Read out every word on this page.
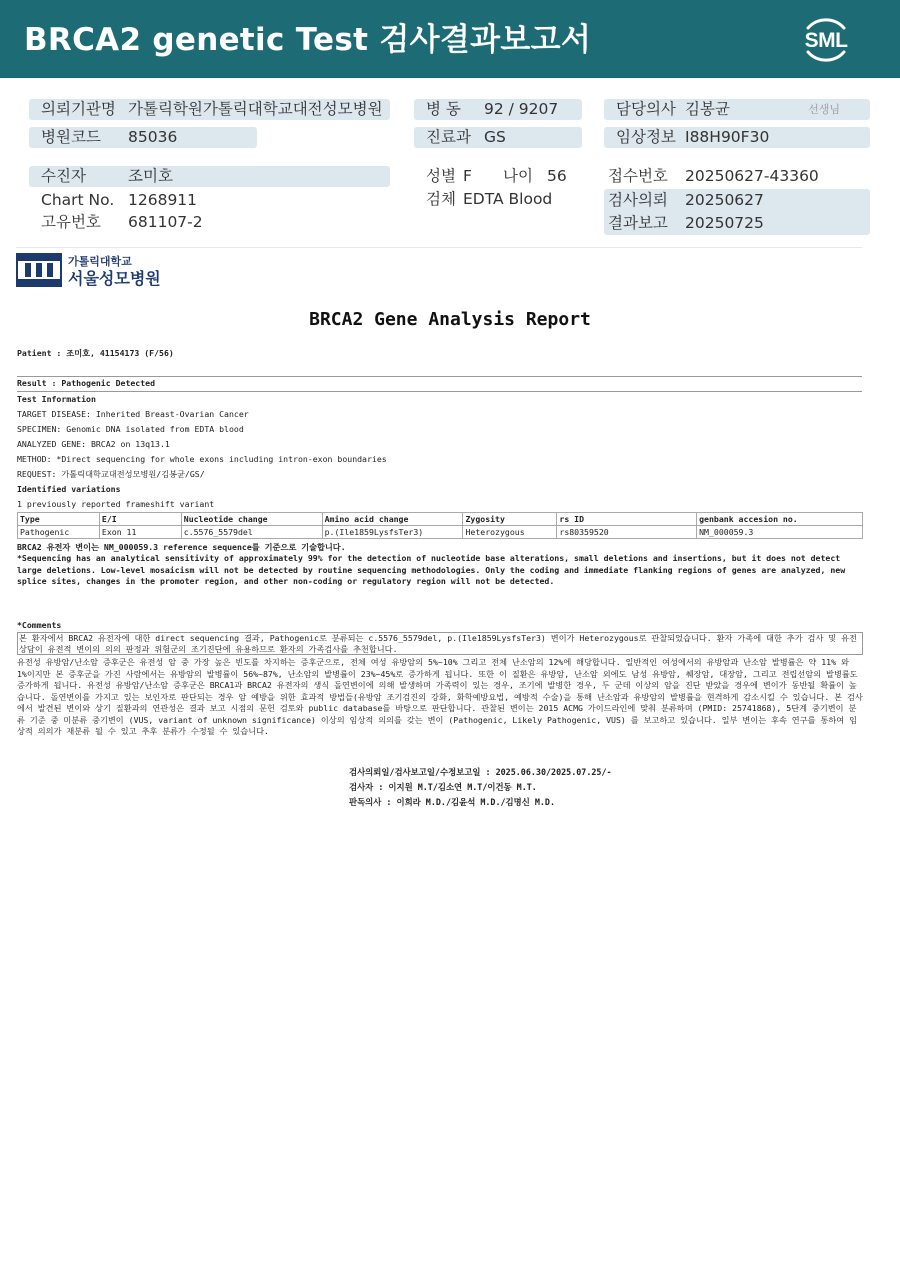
BRCA2 genetic Test 검사결과보고서	SML
의뢰기관명 가톨릭학원가톨릭대학교대전성모병원
병원코드 85036
병 동 92 / 9207
진료과 GS
담당의사 김봉균	선생님
임상정보 I88H90F30
수진자	조미호
Chart No. 1268911
고유번호 681107-2
성별 F 나이 56
검체 EDTA Blood
접수번호 20250627-43360
검사의뢰 20250627
결과보고 20250725
가톨릭대학교
서울성모병원
BRCA2 Gene Analysis Report
Patient : 조미호, 41154173 (F/56)
Result : Pathogenic Detected
Test Information
TARGET DISEASE: Inherited Breast-Ovarian Cancer
SPECIMEN: Genomic DNA isolated from EDTA blood
ANALYZED GENE: BRCA2 on 13q13.1
METHOD: *Direct sequencing for whole exons including intron-exon boundaries
REQUEST: 가톨릭대학교대전성모병원/김봉균/GS/
Identified variations
1 previously reported frameshift variant
Type	E/I	Nucleotide change	Amino acid change	Zygosity	rs ID	genbank accesion no.
Pathogenic	Exon 11	c.5576_5579del	p.(Ile1859LysfsTer3)	Heterozygous	rs80359520	NM_000059.3
BRCA2 유전자 변이는 NM_000059.3 reference sequence를 기준으로 기술합니다.
*Sequencing has an analytical sensitivity of approximately 99% for the detection of nucleotide base alterations, small deletions and insertions, but it does not detect large deletions. Low-level mosaicism will not be detected by routine sequencing methodologies. Only the coding and immediate flanking regions of genes are analyzed, new splice sites, changes in the promoter region, and other non-coding or regulatory region will not be detected.
*Comments
본 환자에서 BRCA2 유전자에 대한 direct sequencing 결과, Pathogenic로 분류되는 c.5576_5579del, p.(Ile1859LysfsTer3) 변이가 Heterozygous로 관찰되었습니다. 환자 가족에 대한 추가 검사 및 유전상담이 유전적 변이의 의의 판정과 위험군의 조기진단에 유용하므로 환자의 가족검사를 추천합니다.
유전성 유방암/난소암 증후군은 유전성 암 중 가장 높은 빈도를 차지하는 증후군으로, 전체 여성 유방암의 5%~10% 그리고 전체 난소암의 12%에 해당합니다. 일반적인 여성에서의 유방암과 난소암 발병률은 약 11% 와 1%이지만 본 증후군을 가진 사람에서는 유방암의 발병률이 56%~87%, 난소암의 발병률이 23%~45%로 증가하게 됩니다. 또한 이 질환은 유방암, 난소암 외에도 남성 유방암, 췌장암, 대장암, 그리고 전립선암의 발병률도 증가하게 됩니다. 유전성 유방암/난소암 증후군은 BRCA1과 BRCA2 유전자의 생식 돌연변이에 의해 발생하며 가족력이 있는 경우, 조기에 발병한 경우, 두 군데 이상의 암을 진단 받았을 경우에 변이가 동반될 확률이 높습니다. 돌연변이를 가지고 있는 보인자로 판단되는 경우 암 예방을 위한 효과적 방법들(유방암 조기검진의 강화, 화학예방요법, 예방적 수술)을 통해 난소암과 유방암의 발병률을 현격하게 감소시킬 수 있습니다. 본 검사에서 발견된 변이와 상기 질환과의 연관성은 결과 보고 시점의 문헌 검토와 public database를 바탕으로 판단합니다. 관찰된 변이는 2015 ACMG 가이드라인에 맞춰 분류하며 (PMID: 25741868), 5단계 중기변이 분류 기준 중 미분류 중기변이 (VUS, variant of unknown significance) 이상의 임상적 의의를 갖는 변이 (Pathogenic, Likely Pathogenic, VUS) 를 보고하고 있습니다. 일부 변이는 후속 연구를 통하여 임상적 의의가 재분류 될 수 있고 추후 분류가 수정될 수 있습니다.
검사의뢰일/검사보고일/수정보고일 : 2025.06.30/2025.07.25/-
검사자 : 이지원 M.T/김소연 M.T/이건동 M.T.
판독의사 : 이희라 M.D./김윤석 M.D./김명신 M.D.
